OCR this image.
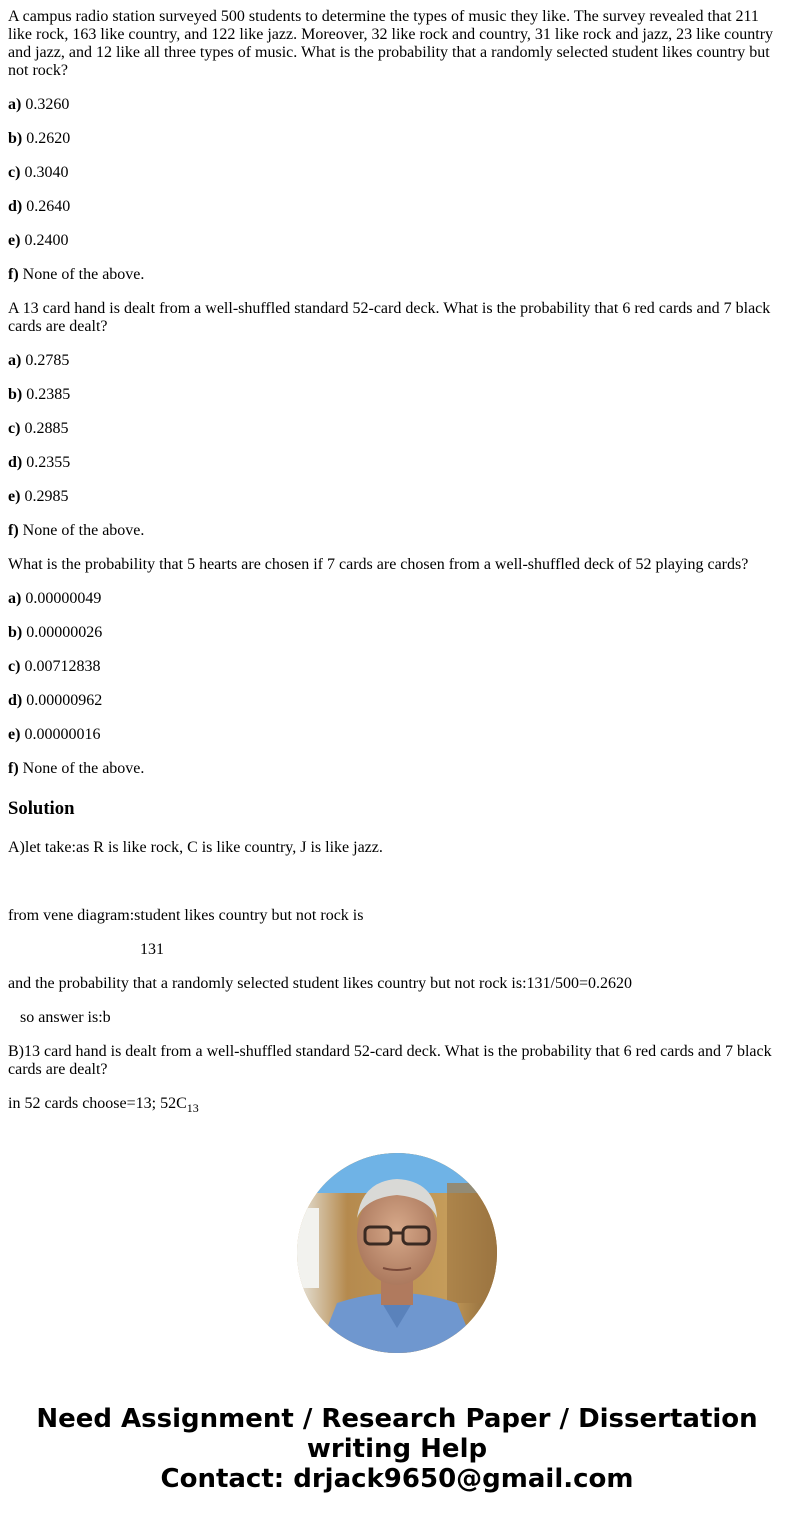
A campus radio station surveyed 500 students to determine the types of music they like. The survey revealed that 211 like rock, 163 like country, and 122 like jazz. Moreover, 32 like rock and country, 31 like rock and jazz, 23 like country and jazz, and 12 like all three types of music. What is the probability that a randomly selected student likes country but not rock?

a) 0.3260

b) 0.2620

c) 0.3040

d) 0.2640

e) 0.2400

f) None of the above.

A 13 card hand is dealt from a well-shuffled standard 52-card deck. What is the probability that 6 red cards and 7 black cards are dealt?

a) 0.2785

b) 0.2385

c) 0.2885

d) 0.2355

e) 0.2985

f) None of the above.

What is the probability that 5 hearts are chosen if 7 cards are chosen from a well-shuffled deck of 52 playing cards?

a) 0.00000049

b) 0.00000026

c) 0.00712838

d) 0.00000962

e) 0.00000016

f) None of the above.

Solution

A)let take:as R is like rock, C is like country, J is like jazz.

from vene diagram:student likes country but not rock is

131

and the probability that a randomly selected student likes country but not rock is:131/500=0.2620

so answer is:b

B)13 card hand is dealt from a well-shuffled standard 52-card deck. What is the probability that 6 red cards and 7 black cards are dealt?

in 52 cards choose=13; $52C_{13}$

Need Assignment / Research Paper / Dissertation writing Help
Contact: drjack9650@gmail.com
